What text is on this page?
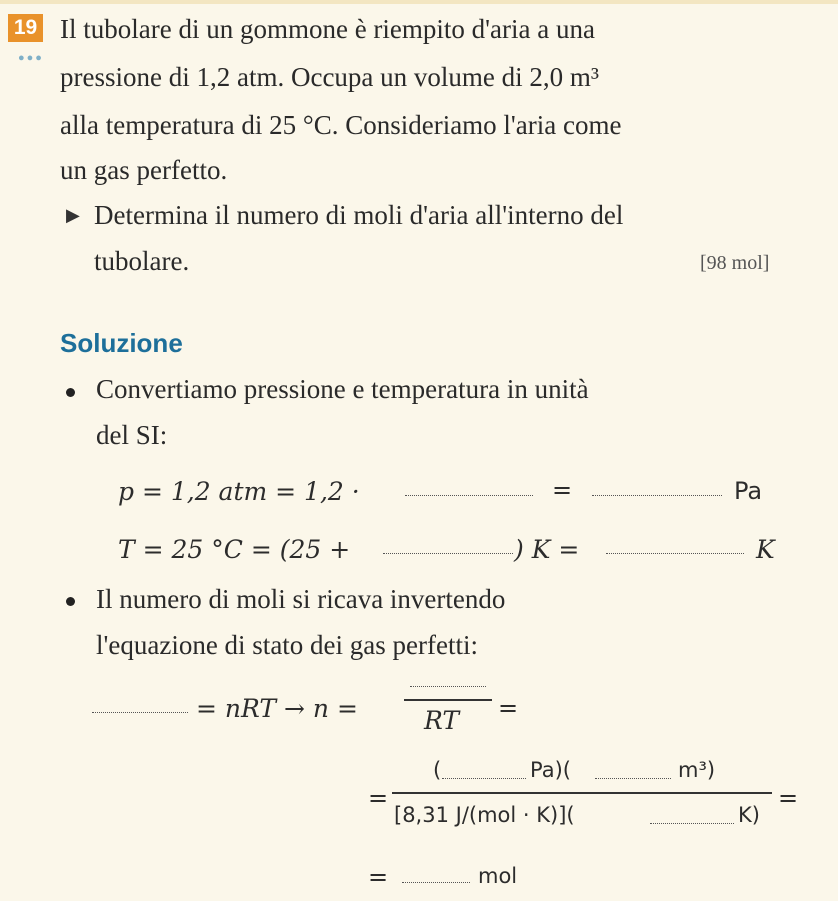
19
●●●
Il tubolare di un gommone è riempito d'aria a una
pressione di 1,2 atm. Occupa un volume di 2,0 m³
alla temperatura di 25 °C. Consideriamo l'aria come
un gas perfetto.
▶ Determina il numero di moli d'aria all'interno del
tubolare.	[98 mol]
Soluzione
Convertiamo pressione e temperatura in unità
del SI:
p = 1,2 atm = 1,2 ·	=	Pa
T = 25 °C = (25 +	) K =	K
Il numero di moli si ricava invertendo
l'equazione di stato dei gas perfetti:
= nRT → n =	RT =
=
(	Pa)(	m³)
[8,31 J/(mol · K)](	K)
=
=	mol
